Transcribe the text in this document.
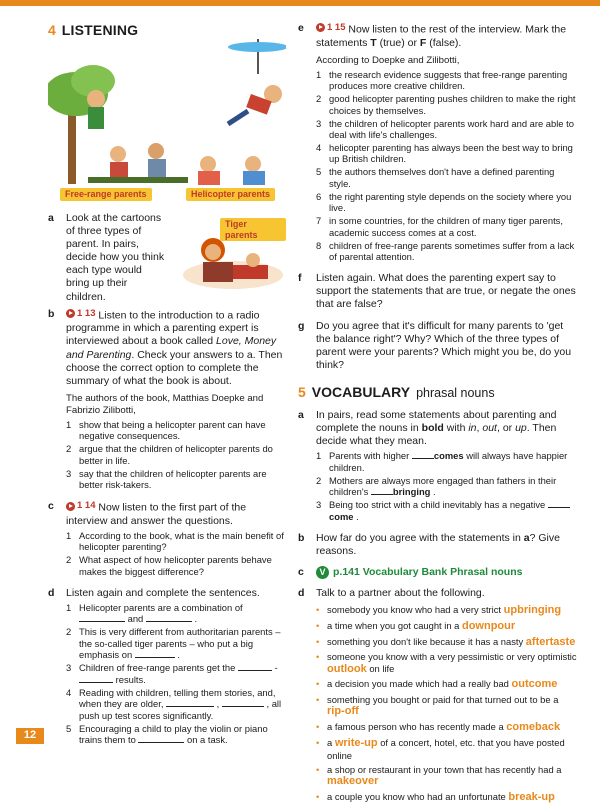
4 LISTENING
Free-range parents	Helicopter parents
a	Look at the cartoons of three types of parent. In pairs, decide how you think each type would bring up their children.
Tiger parents
b	1 13 Listen to the introduction to a radio programme in which a parenting expert is interviewed about a book called Love, Money and Parenting. Check your answers to a. Then choose the correct option to complete the summary of what the book is about.
The authors of the book, Matthias Doepke and Fabrizio Zilibotti,
1 show that being a helicopter parent can have negative consequences.
2 argue that the children of helicopter parents do better in life.
3 say that the children of helicopter parents are better risk-takers.
c	1 14 Now listen to the first part of the interview and answer the questions.
1 According to the book, what is the main benefit of helicopter parenting?
2 What aspect of how helicopter parents behave makes the biggest difference?
d	Listen again and complete the sentences.
1 Helicopter parents are a combination of  and	.
2 This is very different from authoritarian parents – the so-called tiger parents – who put a big emphasis on	.
3 Children of free-range parents get the	-  results.
4 Reading with children, telling them stories, and, when they are older,	,	, all push up test scores significantly.
5 Encouraging a child to play the violin or piano trains them to	on a task.
e	1 15 Now listen to the rest of the interview. Mark the statements T (true) or F (false).
According to Doepke and Zilibotti,
1 the research evidence suggests that free-range parenting produces more creative children.
2 good helicopter parenting pushes children to make the right choices by themselves.
3 the children of helicopter parents work hard and are able to deal with life's challenges.
4 helicopter parenting has always been the best way to bring up British children.
5 the authors themselves don't have a defined parenting style.
6 the right parenting style depends on the society where you live.
7 in some countries, for the children of many tiger parents, academic success comes at a cost.
8 children of free-range parents sometimes suffer from a lack of parental attention.
f	Listen again. What does the parenting expert say to support the statements that are true, or negate the ones that are false?
g	Do you agree that it's difficult for many parents to 'get the balance right'? Why? Which of the three types of parent were your parents? Which might you be, do you think?
5 VOCABULARY phrasal nouns
a	In pairs, read some statements about parenting and complete the nouns in bold with in, out, or up. Then decide what they mean.
1 Parents with higher	comes will always have happier children.
2 Mothers are always more engaged than fathers in their children's	bringing .
3 Being too strict with a child inevitably has a negative come .
b	How far do you agree with the statements in a? Give reasons.
c	V p.141 Vocabulary Bank Phrasal nouns
d	Talk to a partner about the following.
• somebody you know who had a very strict upbringing
• a time when you got caught in a downpour
• something you don't like because it has a nasty aftertaste
• someone you know with a very pessimistic or very optimistic outlook on life
• a decision you made which had a really bad outcome
• something you bought or paid for that turned out to be a rip-off
• a famous person who has recently made a comeback
• a write-up of a concert, hotel, etc. that you have posted online
• a shop or restaurant in your town that has recently had a makeover
• a couple you know who had an unfortunate break-up
12
